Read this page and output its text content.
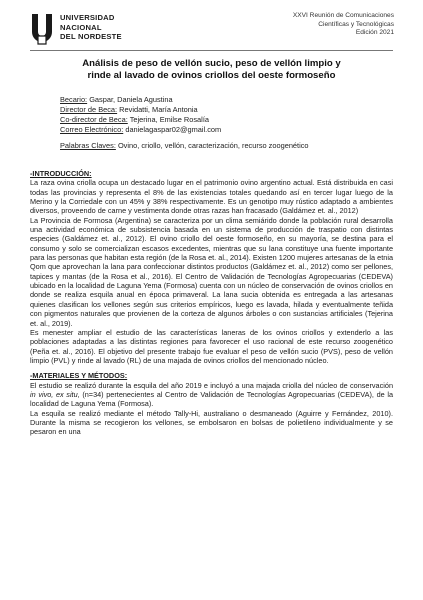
UNIVERSIDAD
NACIONAL
DEL NORDESTE
XXVI Reunión de Comunicaciones
Científicas y Tecnológicas
Edición 2021
Análisis de peso de vellón sucio, peso de vellón limpio y
rinde al lavado de ovinos criollos del oeste formoseño
Becario: Gaspar, Daniela Agustina
Director de Beca: Revidatti, María Antonia
Co-director de Beca: Tejerina, Emilse Rosalía
Correo Electrónico: danielagaspar02@gmail.com
Palabras Claves: Ovino, criollo, vellón, caracterización, recurso zoogenético

-INTRODUCCIÓN:

La raza ovina criolla ocupa un destacado lugar en el patrimonio ovino argentino actual. Está distribuida en casi todas las provincias y representa el 8% de las existencias totales quedando así en tercer lugar luego de la Merino y la Corriedale con un 45% y 38% respectivamente. Es un genotipo muy rústico adaptado a ambientes diversos, proveendo de carne y vestimenta donde otras razas han fracasado (Galdámez et. al., 2012)

La Provincia de Formosa (Argentina) se caracteriza por un clima semiárido donde la población rural desarrolla una actividad económica de subsistencia basada en un sistema de producción de traspatio con distintas especies (Galdámez et. al., 2012). El ovino criollo del oeste formoseño, en su mayoría, se destina para el consumo y solo se comercializan escasos excedentes, mientras que su lana constituye una fuente importante para las personas que habitan esta región (de la Rosa et. al., 2014). Existen 1200 mujeres artesanas de la etnia Qom que aprovechan la lana para confeccionar distintos productos (Galdámez et. al., 2012) como ser pellones, tapices y mantas (de la Rosa et al., 2016). El Centro de Validación de Tecnologías Agropecuarias (CEDEVA) ubicado en la localidad de Laguna Yema (Formosa) cuenta con un núcleo de conservación de ovinos criollos en donde se realiza esquila anual en época primaveral. La lana sucia obtenida es entregada a las artesanas quienes clasifican los vellones según sus criterios empíricos, luego es lavada, hilada y eventualmente teñida con pigmentos naturales que provienen de la corteza de algunos árboles o con sustancias artificiales (Tejerina et. al., 2019).

Es menester ampliar el estudio de las características laneras de los ovinos criollos y extenderlo a las poblaciones adaptadas a las distintas regiones para favorecer el uso racional de este recurso zoogenético (Peña et. al., 2016). El objetivo del presente trabajo fue evaluar el peso de vellón sucio (PVS), peso de vellón limpio (PVL) y rinde al lavado (RL) de una majada de ovinos criollos del mencionado núcleo.

-MATERIALES Y MÉTODOS:

El estudio se realizó durante la esquila del año 2019 e incluyó a una majada criolla del núcleo de conservación in vivo, ex situ, (n=34) pertenecientes al Centro de Validación de Tecnologías Agropecuarias (CEDEVA), de la localidad de Laguna Yema (Formosa).

La esquila se realizó mediante el método Tally-Hi, australiano o desmaneado (Aguirre y Fernández, 2010). Durante la misma se recogieron los vellones, se embolsaron en bolsas de polietileno individualmente y se pesaron en una
